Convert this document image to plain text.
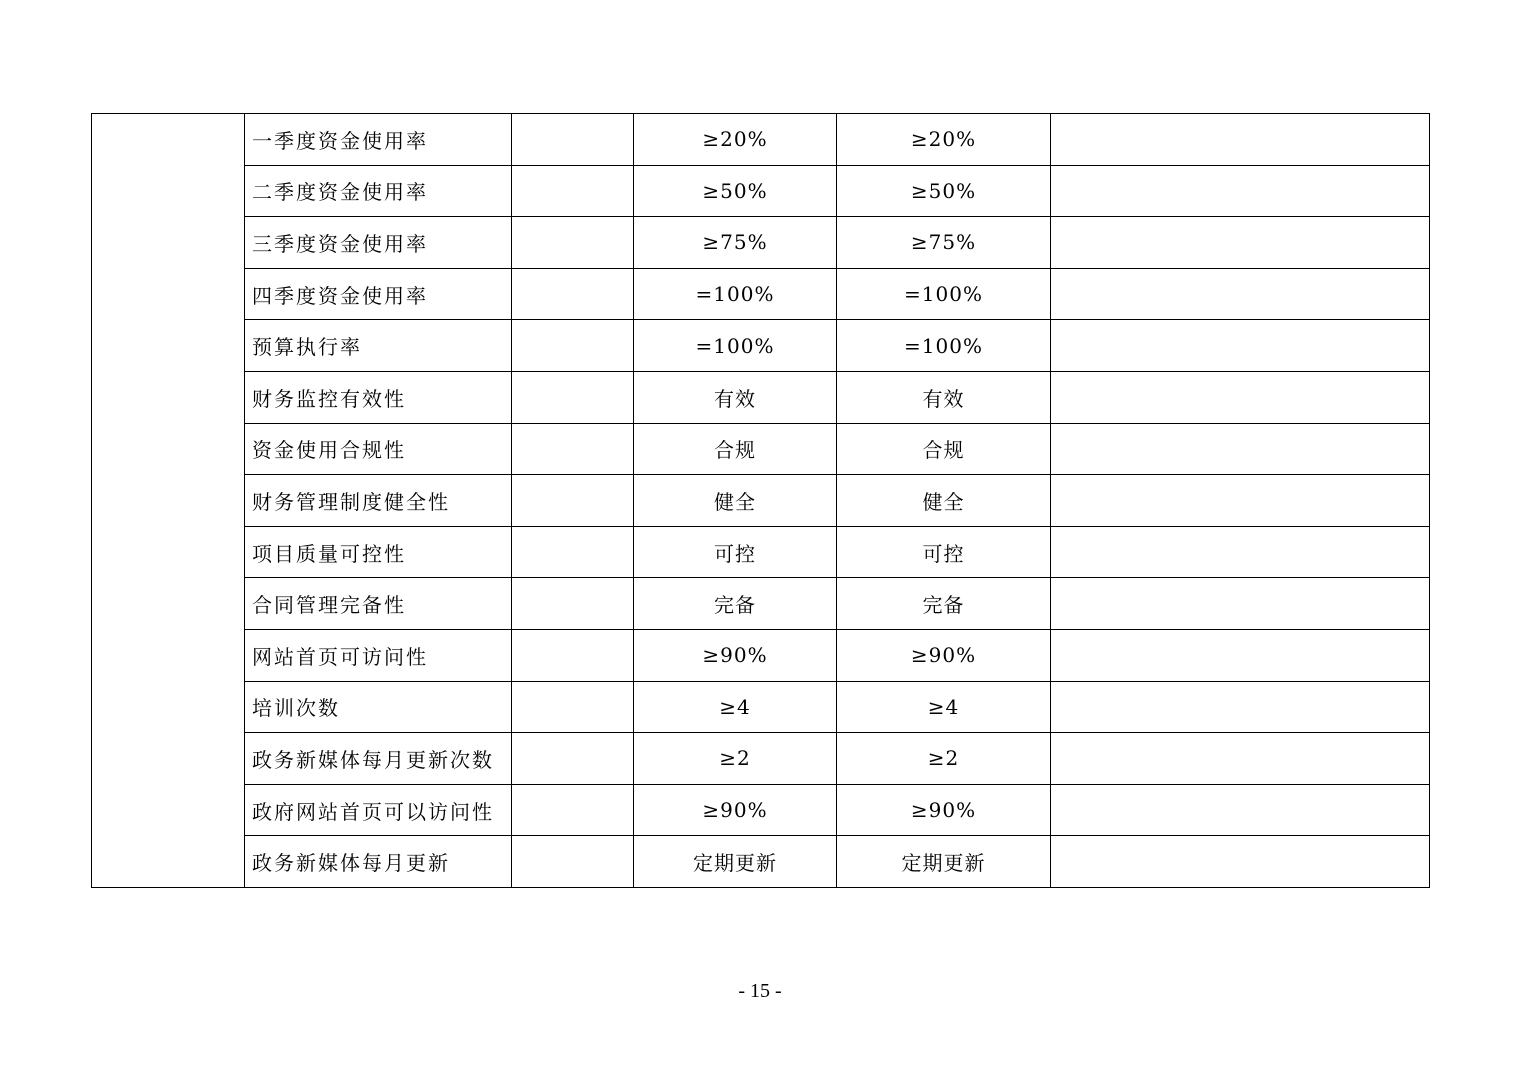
	一季度资金使用率		≥20%	≥20%	
	二季度资金使用率		≥50%	≥50%	
	三季度资金使用率		≥75%	≥75%	
	四季度资金使用率		=100%	=100%	
	预算执行率		=100%	=100%	
	财务监控有效性		有效	有效	
	资金使用合规性		合规	合规	
	财务管理制度健全性		健全	健全	
	项目质量可控性		可控	可控	
	合同管理完备性		完备	完备	
	网站首页可访问性		≥90%	≥90%	
	培训次数		≥4	≥4	
	政务新媒体每月更新次数		≥2	≥2	
	政府网站首页可以访问性		≥90%	≥90%	
	政务新媒体每月更新		定期更新	定期更新	
- 15 -
